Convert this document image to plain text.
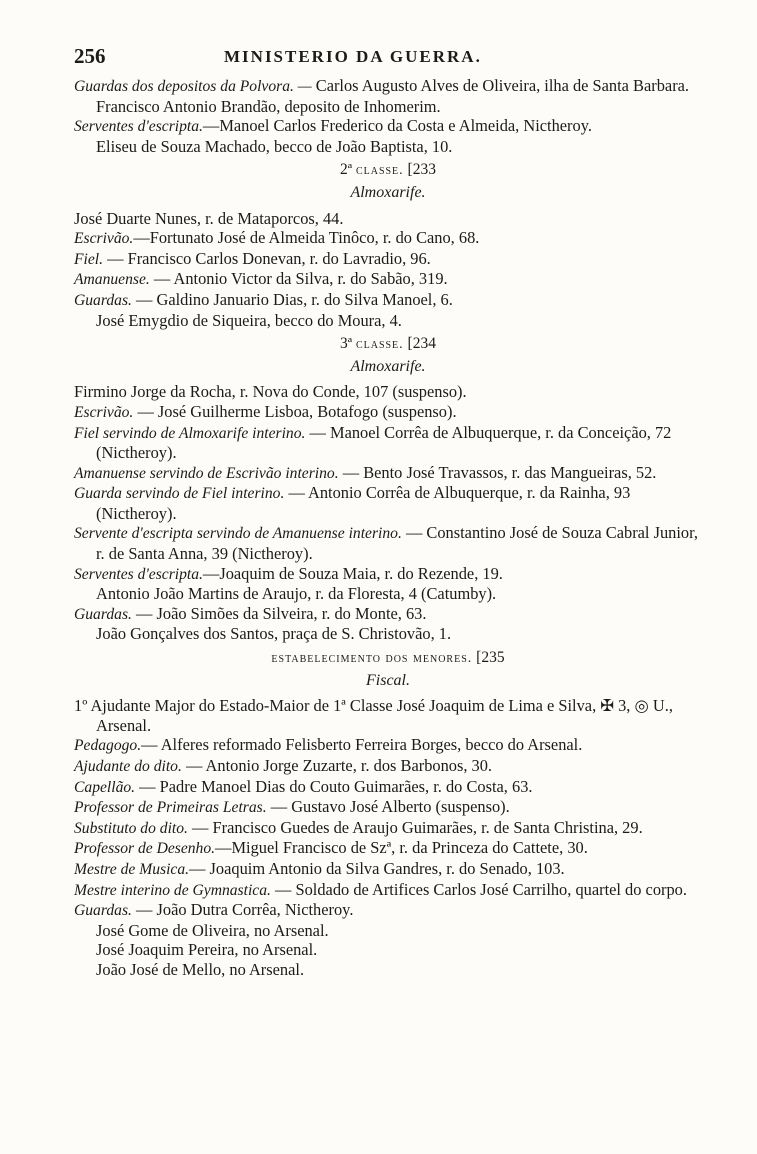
256	MINISTERIO DA GUERRA.

Guardas dos depositos da Polvora. — Carlos Augusto Alves de Oliveira, ilha de Santa Barbara.

Francisco Antonio Brandão, deposito de Inhomerim.

Serventes d'escripta.—Manoel Carlos Frederico da Costa e Almeida, Nictheroy.

Eliseu de Souza Machado, becco de João Baptista, 10.

2ª classe. [233
Almoxarife.

José Duarte Nunes, r. de Mataporcos, 44.

Escrivão.—Fortunato José de Almeida Tinôco, r. do Cano, 68.

Fiel. — Francisco Carlos Donevan, r. do Lavradio, 96.

Amanuense. — Antonio Victor da Silva, r. do Sabão, 319.

Guardas. — Galdino Januario Dias, r. do Silva Manoel, 6.

José Emygdio de Siqueira, becco do Moura, 4.

3ª classe. [234
Almoxarife.

Firmino Jorge da Rocha, r. Nova do Conde, 107 (suspenso).

Escrivão. — José Guilherme Lisboa, Botafogo (suspenso).

Fiel servindo de Almoxarife interino. — Manoel Corrêa de Albuquerque, r. da Conceição, 72 (Nictheroy).

Amanuense servindo de Escrivão interino. — Bento José Travassos, r. das Mangueiras, 52.

Guarda servindo de Fiel interino. — Antonio Corrêa de Albuquerque, r. da Rainha, 93 (Nictheroy).

Servente d'escripta servindo de Amanuense interino. — Constantino José de Souza Cabral Junior, r. de Santa Anna, 39 (Nictheroy).

Serventes d'escripta.—Joaquim de Souza Maia, r. do Rezende, 19.

Antonio João Martins de Araujo, r. da Floresta, 4 (Catumby).

Guardas. — João Simões da Silveira, r. do Monte, 63.

João Gonçalves dos Santos, praça de S. Christovão, 1.

estabelecimento dos menores. [235
Fiscal.

1º Ajudante Major do Estado-Maior de 1ª Classe José Joaquim de Lima e Silva, ✠ 3, ◎ U., Arsenal.

Pedagogo.— Alferes reformado Felisberto Ferreira Borges, becco do Arsenal.

Ajudante do dito. — Antonio Jorge Zuzarte, r. dos Barbonos, 30.

Capellão. — Padre Manoel Dias do Couto Guimarães, r. do Costa, 63.

Professor de Primeiras Letras. — Gustavo José Alberto (suspenso).

Substituto do dito. — Francisco Guedes de Araujo Guimarães, r. de Santa Christina, 29.

Professor de Desenho.—Miguel Francisco de Szª, r. da Princeza do Cattete, 30.

Mestre de Musica.— Joaquim Antonio da Silva Gandres, r. do Senado, 103.

Mestre interino de Gymnastica. — Soldado de Artifices Carlos José Carrilho, quartel do corpo.

Guardas. — João Dutra Corrêa, Nictheroy.

José Gome de Oliveira, no Arsenal.

José Joaquim Pereira, no Arsenal.

João José de Mello, no Arsenal.
